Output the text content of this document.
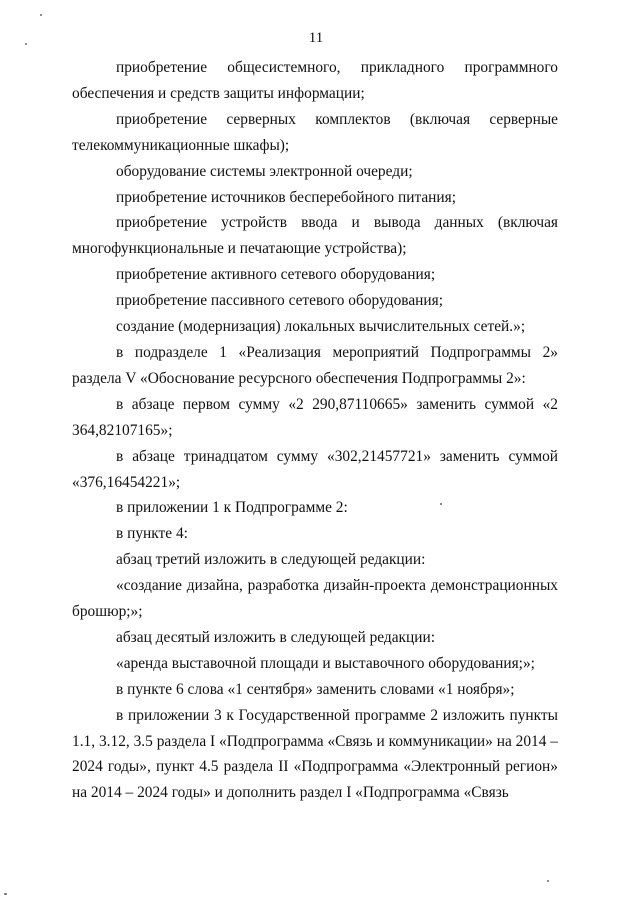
11

приобретение общесистемного, прикладного программного обеспечения и средств защиты информации;

приобретение серверных комплектов (включая серверные телекоммуникационные шкафы);

оборудование системы электронной очереди;

приобретение источников бесперебойного питания;

приобретение устройств ввода и вывода данных (включая многофункциональные и печатающие устройства);

приобретение активного сетевого оборудования;

приобретение пассивного сетевого оборудования;

создание (модернизация) локальных вычислительных сетей.»;

в подразделе 1 «Реализация мероприятий Подпрограммы 2» раздела V «Обоснование ресурсного обеспечения Подпрограммы 2»:

в абзаце первом сумму «2 290,87110665» заменить суммой «2 364,82107165»;

в абзаце тринадцатом сумму «302,21457721» заменить суммой «376,16454221»;

в приложении 1 к Подпрограмме 2:

в пункте 4:

абзац третий изложить в следующей редакции:

«создание дизайна, разработка дизайн-проекта демонстрационных брошюр;»;

абзац десятый изложить в следующей редакции:

«аренда выставочной площади и выставочного оборудования;»;

в пункте 6 слова «1 сентября» заменить словами «1 ноября»;

в приложении 3 к Государственной программе 2 изложить пункты 1.1, 3.12, 3.5 раздела I «Подпрограмма «Связь и коммуникации» на 2014 – 2024 годы», пункт 4.5 раздела II «Подпрограмма «Электронный регион» на 2014 – 2024 годы» и дополнить раздел I «Подпрограмма «Связь
